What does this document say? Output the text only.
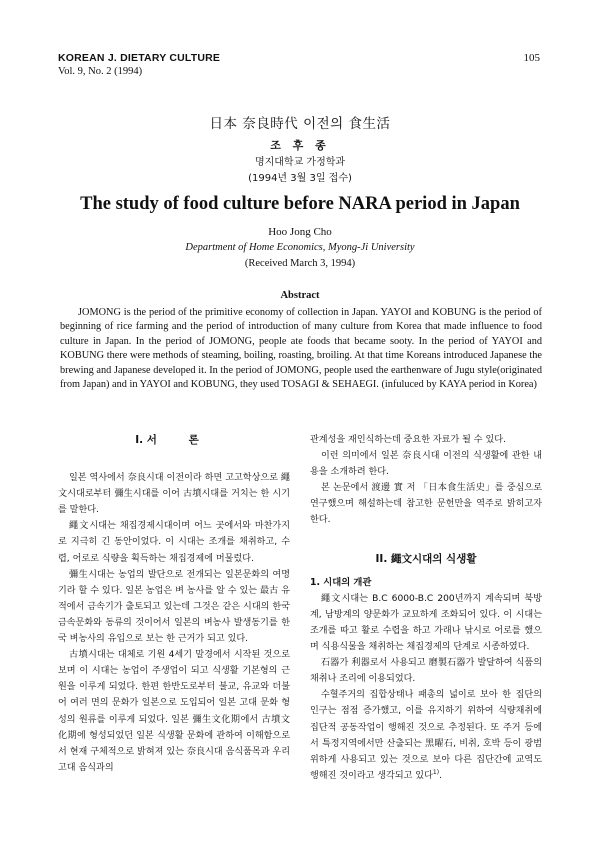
KOREAN J. DIETARY CULTURE
Vol. 9, No. 2 (1994)
105
日本 奈良時代 이전의 食生活
조 후 종
명지대학교 가정학과
(1994년 3월 3일 접수)
The study of food culture before NARA period in Japan
Hoo Jong Cho
Department of Home Economics, Myong-Ji University
(Received March 3, 1994)
Abstract

JOMONG is the period of the primitive economy of collection in Japan. YAYOI and KOBUNG is the period of beginning of rice farming and the period of introduction of many culture from Korea that made influence to food culture in Japan. In the period of JOMONG, people ate foods that became sooty. In the period of YAYOI and KOBUNG there were methods of steaming, boiling, roasting, broiling. At that time Koreans introduced Japanese the brewing and Japanese developed it. In the period of JOMONG, people used the earthenware of Jugu style(originated from Japan) and in YAYOI and KOBUNG, they used TOSAGI & SEHAEGI. (infuluced by KAYA period in Korea)

I. 서 론

일본 역사에서 奈良시대 이전이라 하면 고고학상으로 繩文시대로부터 彌生시대를 이어 古墳시대를 거치는 한 시기를 말한다.

繩文시대는 채집경제시대이며 어느 곳에서와 마찬가지로 지극히 긴 동안이었다. 이 시대는 조개를 채취하고, 수렵, 어로로 식량을 획득하는 채집경제에 머물렀다.

彌生시대는 농업의 발단으로 전개되는 일본문화의 여명기라 할 수 있다. 일본 농업은 벼 농사를 알 수 있는 最古 유적에서 금속기가 출토되고 있는데 그것은 같은 시대의 한국 금속문화와 동류의 것이어서 일본의 벼농사 발생동기를 한국 벼농사의 유입으로 보는 한 근거가 되고 있다.

古墳시대는 대체로 기원 4세기 말경에서 시작된 것으로 보며 이 시대는 농업이 주생업이 되고 식생활 기본형의 근원을 이루게 되었다. 한편 한반도로부터 불교, 유교와 더불어 여러 면의 문화가 일본으로 도입되어 일본 고대 문화 형성의 원류를 이루게 되었다. 일본 彌生文化期에서 古墳文化期에 형성되었던 일본 식생활 문화에 관하여 이해함으로서 현재 구체적으로 밝혀져 있는 奈良시대 음식품목과 우리 고대 음식과의

관계성을 재인식하는데 중요한 자료가 될 수 있다.

이런 의미에서 일본 奈良시대 이전의 식생활에 관한 내용을 소개하려 한다.

본 논문에서 渡邊 實 저 「日本食生活史」를 중심으로 연구했으며 해설하는데 참고한 문헌만을 역주로 밝히고자 한다.

II. 繩文시대의 식생활
1. 시대의 개관

繩文시대는 B.C 6000-B.C 200년까지 계속되며 북방계, 남방계의 양문화가 교묘하게 조화되어 있다. 이 시대는 조개를 따고 활로 수렵을 하고 가래나 낚시로 어로를 했으며 식용식물을 채취하는 채집경제의 단계로 시종하였다.

石器가 利器로서 사용되고 磨製石器가 발달하여 식품의 채취나 조리에 이용되었다.

수혈주거의 집합상태나 패총의 넓이로 보아 한 집단의 인구는 점점 증가했고, 이를 유지하기 위하여 식량채취에 집단적 공동작업이 행해진 것으로 추정된다. 또 주거 등에서 특정지역에서만 산출되는 黑曜石, 비취, 호박 등이 광범위하게 사용되고 있는 것으로 보아 다른 집단간에 교역도 행해진 것이라고 생각되고 있다$^{1)}$.
